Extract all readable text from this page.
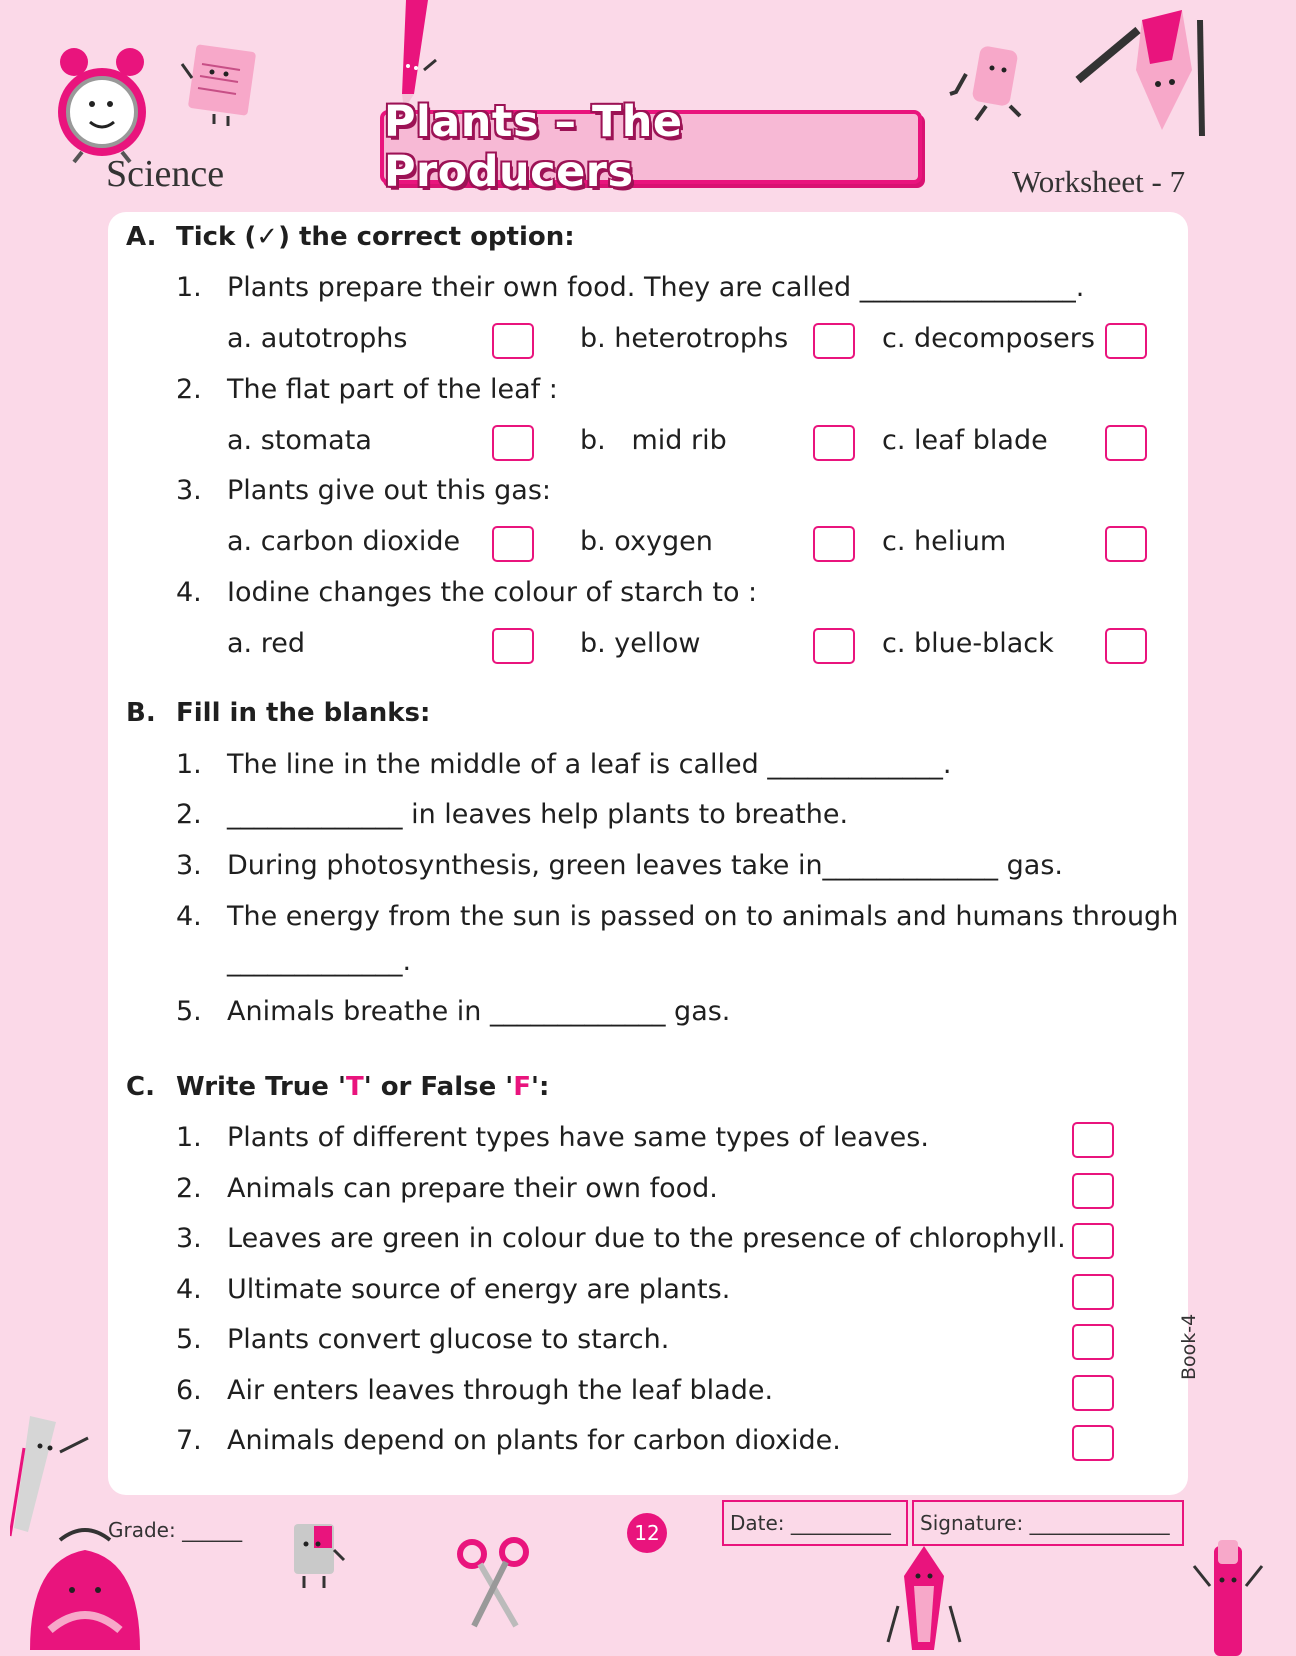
Science
Plants – The Producers	Worksheet - 7
A. Tick (✓) the correct option:
1. Plants prepare their own food. They are called ________________.
a. autotrophs	b. heterotrophs	c. decomposers
2. The flat part of the leaf :
a. stomata	b.   mid rib	c. leaf blade
3. Plants give out this gas:
a. carbon dioxide	b. oxygen	c. helium
4. Iodine changes the colour of starch to :
a. red	b. yellow	c. blue-black
B. Fill in the blanks:
1. The line in the middle of a leaf is called _____________.
2. _____________ in leaves help plants to breathe.
3. During photosynthesis, green leaves take in_____________ gas.
4. The energy from the sun is passed on to animals and humans through
_____________.
5. Animals breathe in _____________ gas.
C. Write True 'T' or False 'F':
1. Plants of different types have same types of leaves.
2. Animals can prepare their own food.
3. Leaves are green in colour due to the presence of chlorophyll.
4. Ultimate source of energy are plants.
5. Plants convert glucose to starch.
6. Air enters leaves through the leaf blade.
7. Animals depend on plants for carbon dioxide.
Book-4
Grade: ______	12	Date: __________ Signature: ______________
